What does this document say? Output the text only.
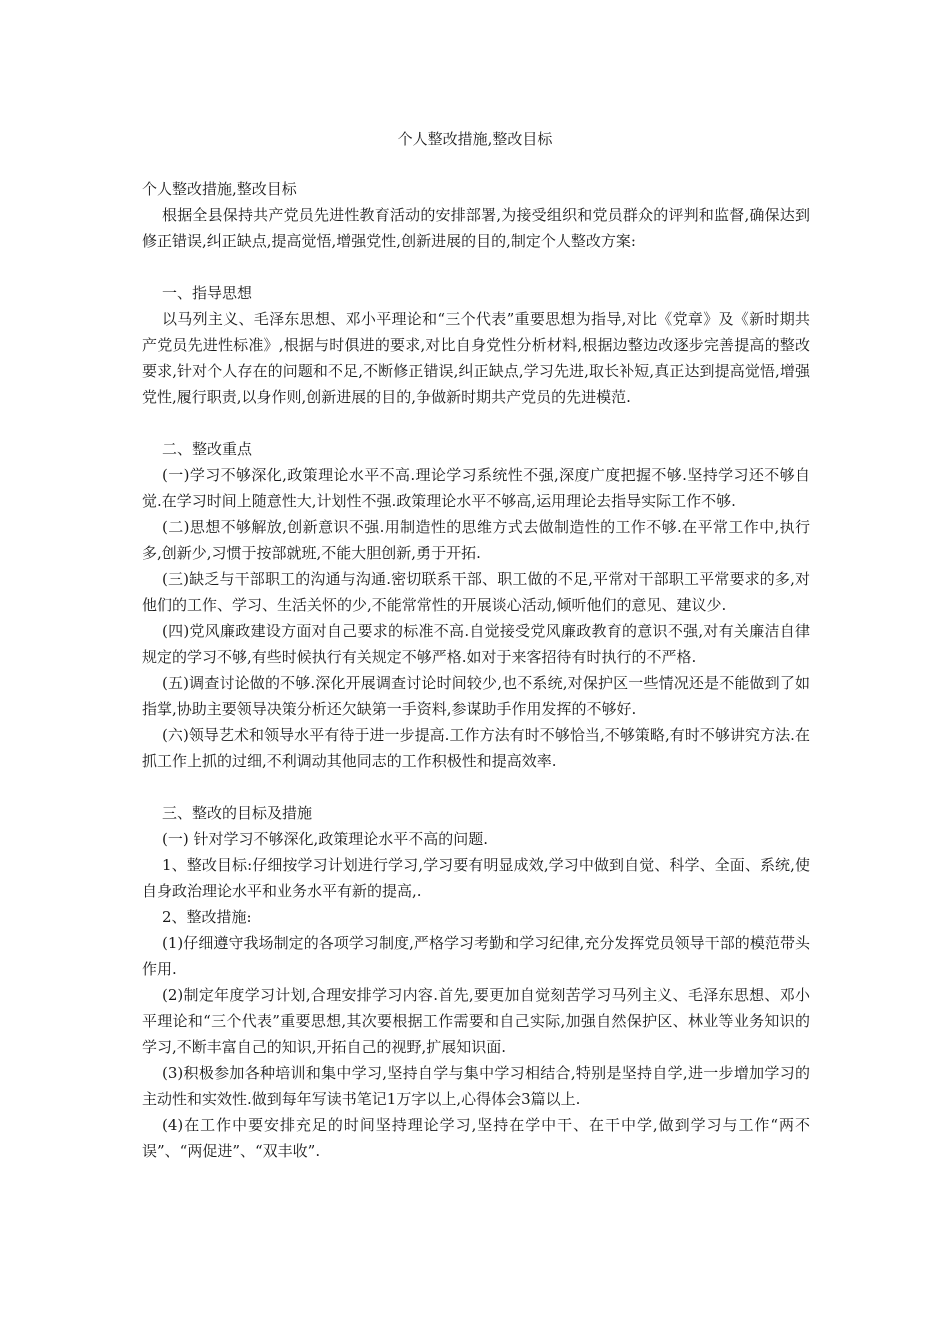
个人整改措施,整改目标

个人整改措施,整改目标

根据全县保持共产党员先进性教育活动的安排部署,为接受组织和党员群众的评判和监督,确保达到修正错误,纠正缺点,提高觉悟,增强党性,创新进展的目的,制定个人整改方案:

一、指导思想

以马列主义、毛泽东思想、邓小平理论和“三个代表”重要思想为指导,对比《党章》及《新时期共产党员先进性标准》,根据与时俱进的要求,对比自身党性分析材料,根据边整边改逐步完善提高的整改要求,针对个人存在的问题和不足,不断修正错误,纠正缺点,学习先进,取长补短,真正达到提高觉悟,增强党性,履行职责,以身作则,创新进展的目的,争做新时期共产党员的先进模范.

二、整改重点

(一)学习不够深化,政策理论水平不高.理论学习系统性不强,深度广度把握不够.坚持学习还不够自觉.在学习时间上随意性大,计划性不强.政策理论水平不够高,运用理论去指导实际工作不够.

(二)思想不够解放,创新意识不强.用制造性的思维方式去做制造性的工作不够.在平常工作中,执行多,创新少,习惯于按部就班,不能大胆创新,勇于开拓.

(三)缺乏与干部职工的沟通与沟通.密切联系干部、职工做的不足,平常对干部职工平常要求的多,对他们的工作、学习、生活关怀的少,不能常常性的开展谈心活动,倾听他们的意见、建议少.

(四)党风廉政建设方面对自己要求的标准不高.自觉接受党风廉政教育的意识不强,对有关廉洁自律规定的学习不够,有些时候执行有关规定不够严格.如对于来客招待有时执行的不严格.

(五)调查讨论做的不够.深化开展调查讨论时间较少,也不系统,对保护区一些情况还是不能做到了如指掌,协助主要领导决策分析还欠缺第一手资料,参谋助手作用发挥的不够好.

(六)领导艺术和领导水平有待于进一步提高.工作方法有时不够恰当,不够策略,有时不够讲究方法.在抓工作上抓的过细,不利调动其他同志的工作积极性和提高效率.

三、整改的目标及措施

(一) 针对学习不够深化,政策理论水平不高的问题.

1、整改目标:仔细按学习计划进行学习,学习要有明显成效,学习中做到自觉、科学、全面、系统,使自身政治理论水平和业务水平有新的提高,.

2、整改措施:

(1)仔细遵守我场制定的各项学习制度,严格学习考勤和学习纪律,充分发挥党员领导干部的模范带头作用.

(2)制定年度学习计划,合理安排学习内容.首先,要更加自觉刻苦学习马列主义、毛泽东思想、邓小平理论和“三个代表”重要思想,其次要根据工作需要和自己实际,加强自然保护区、林业等业务知识的学习,不断丰富自己的知识,开拓自己的视野,扩展知识面.

(3)积极参加各种培训和集中学习,坚持自学与集中学习相结合,特别是坚持自学,进一步增加学习的主动性和实效性.做到每年写读书笔记1万字以上,心得体会3篇以上.

(4)在工作中要安排充足的时间坚持理论学习,坚持在学中干、在干中学,做到学习与工作“两不误”、“两促进”、“双丰收”.
